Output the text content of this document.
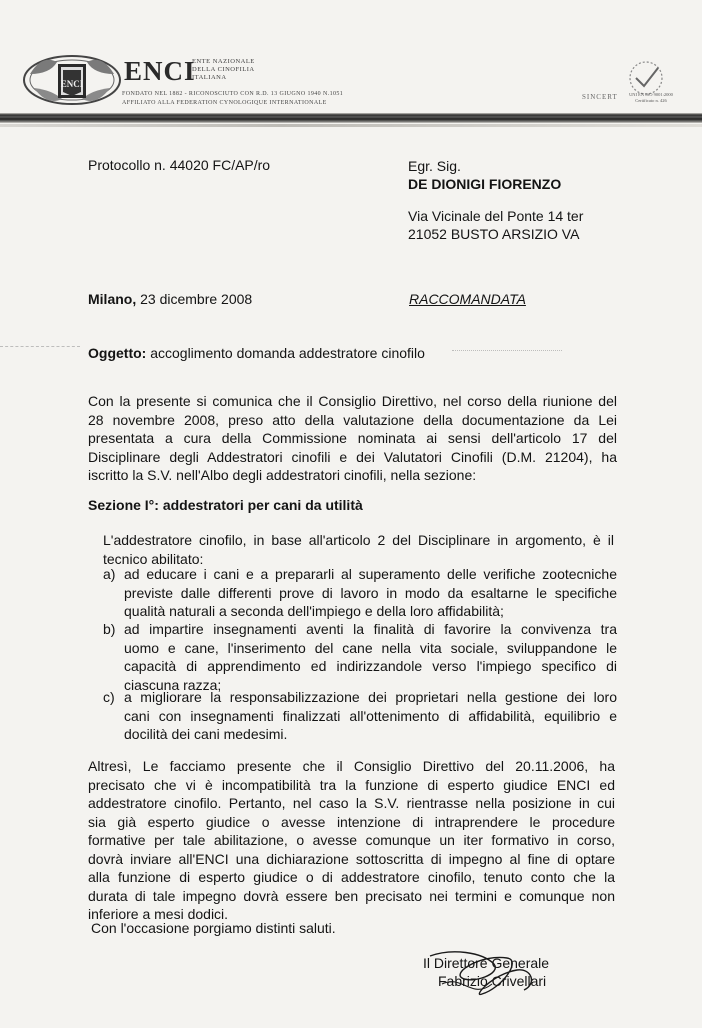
ENCI ENCI
ENTE NAZIONALE
DELLA CINOFILIA
ITALIANA
FONDATO NEL 1882 - RICONOSCIUTO CON R.D. 13 GIUGNO 1940 N.1051
AFFILIATO ALLA FEDERATION CYNOLOGIQUE INTERNATIONALE
UNI EN ISO 9001:2000
Certificato n. 426
SINCERT
Protocollo n. 44020 FC/AP/ro	Egr. Sig.
DE DIONIGI FIORENZO
Via Vicinale del Ponte 14 ter
21052 BUSTO ARSIZIO VA
Milano, 23 dicembre 2008	RACCOMANDATA
Oggetto: accoglimento domanda addestratore cinofilo
Con la presente si comunica che il Consiglio Direttivo, nel corso della riunione del
28 novembre 2008, preso atto della valutazione della documentazione da Lei
presentata a cura della Commissione nominata ai sensi dell'articolo 17 del
Disciplinare degli Addestratori cinofili e dei Valutatori Cinofili (D.M. 21204), ha
iscritto la S.V. nell'Albo degli addestratori cinofili, nella sezione:
Sezione I°: addestratori per cani da utilità
L'addestratore cinofilo, in base all'articolo 2 del Disciplinare in argomento, è il
tecnico abilitato:
a) ad educare i cani e a prepararli al superamento delle verifiche zootecniche
previste dalle differenti prove di lavoro in modo da esaltarne le specifiche
qualità naturali a seconda dell'impiego e della loro affidabilità;
b) ad impartire insegnamenti aventi la finalità di favorire la convivenza tra
uomo e cane, l'inserimento del cane nella vita sociale, sviluppandone le
capacità di apprendimento ed indirizzandole verso l'impiego specifico di
ciascuna razza;
c) a migliorare la responsabilizzazione dei proprietari nella gestione dei loro
cani con insegnamenti finalizzati all'ottenimento di affidabilità, equilibrio e
docilità dei cani medesimi.
Altresì, Le facciamo presente che il Consiglio Direttivo del 20.11.2006, ha
precisato che vi è incompatibilità tra la funzione di esperto giudice ENCI ed
addestratore cinofilo. Pertanto, nel caso la S.V. rientrasse nella posizione in cui
sia già esperto giudice o avesse intenzione di intraprendere le procedure
formative per tale abilitazione, o avesse comunque un iter formativo in corso,
dovrà inviare all'ENCI una dichiarazione sottoscritta di impegno al fine di optare
alla funzione di esperto giudice o di addestratore cinofilo, tenuto conto che la
durata di tale impegno dovrà essere ben precisato nei termini e comunque non
inferiore a mesi dodici.
Con l'occasione porgiamo distinti saluti.
Il Direttore Generale
Fabrizio Crivellari
